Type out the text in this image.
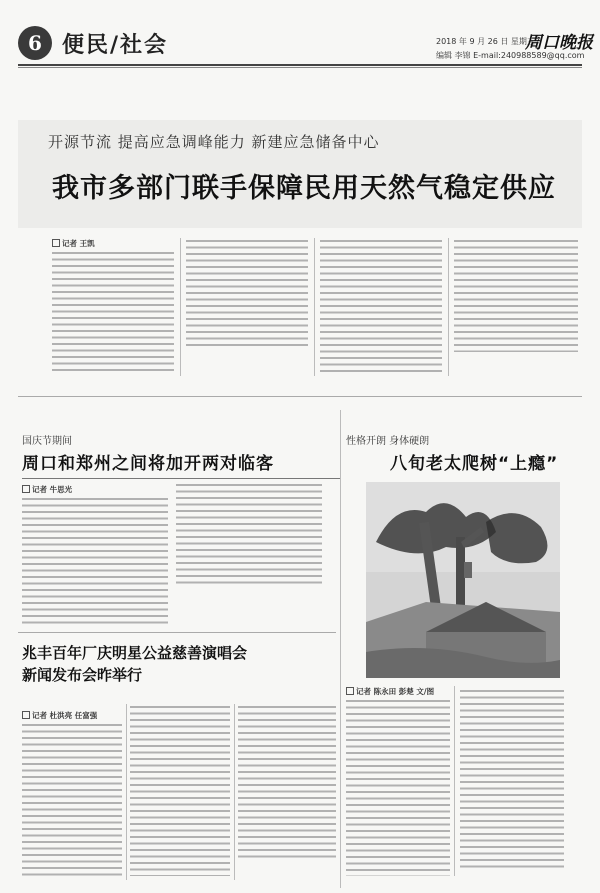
6 便民/社会	2018 年 9 月 26 日 星期三
编辑 李锦 E-mail:240988589@qq.com
周口晚报
开源节流 提高应急调峰能力 新建应急储备中心
我市多部门联手保障民用天然气稳定供应
记者 王凯
国庆节期间
周口和郑州之间将加开两对临客
记者 牛思光
性格开朗 身体硬朗
八旬老太爬树“上瘾”
记者 陈永田 彭楚 文/图
兆丰百年厂庆明星公益慈善演唱会
新闻发布会昨举行
记者 杜洪亮 任富强
